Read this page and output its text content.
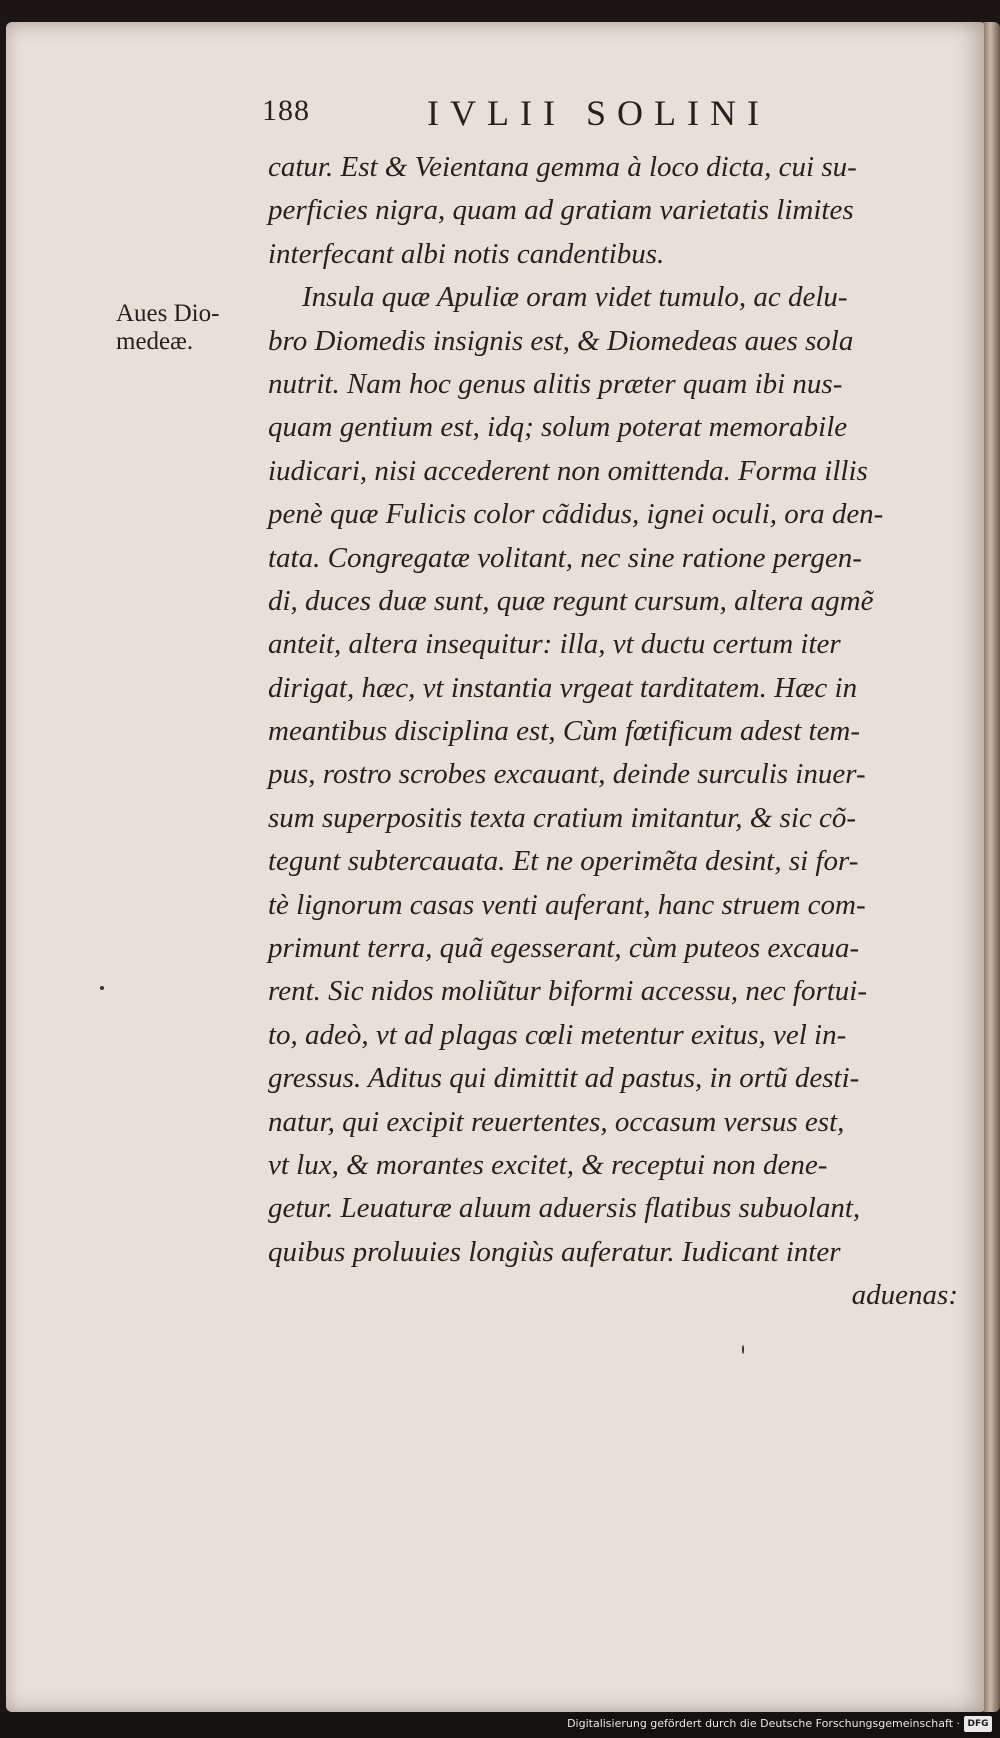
188	IVLII SOLINI
Aues Dio-
medeæ.
catur. Est & Veientana gemma à loco dicta, cui su-
perficies nigra, quam ad gratiam varietatis limites
interfecant albi notis candentibus.
Insula quæ Apuliæ oram videt tumulo, ac delu-
bro Diomedis insignis est, & Diomedeas aues sola
nutrit. Nam hoc genus alitis præter quam ibi nus-
quam gentium est, idq; solum poterat memorabile
iudicari, nisi accederent non omittenda. Forma illis
penè quæ Fulicis color cãdidus, ignei oculi, ora den-
tata. Congregatæ volitant, nec sine ratione pergen-
di, duces duæ sunt, quæ regunt cursum, altera agmẽ
anteit, altera insequitur: illa, vt ductu certum iter
dirigat, hæc, vt instantia vrgeat tarditatem. Hæc in
meantibus disciplina est, Cùm fœtificum adest tem-
pus, rostro scrobes excauant, deinde surculis inuer-
sum superpositis texta cratium imitantur, & sic cõ-
tegunt subtercauata. Et ne operimẽta desint, si for-
tè lignorum casas venti auferant, hanc struem com-
primunt terra, quã egesserant, cùm puteos excaua-
rent. Sic nidos moliũtur biformi accessu, nec fortui-
to, adeò, vt ad plagas cœli metentur exitus, vel in-
gressus. Aditus qui dimittit ad pastus, in ortũ desti-
natur, qui excipit reuertentes, occasum versus est,
vt lux, & morantes excitet, & receptui non dene-
getur. Leuaturæ aluum aduersis flatibus subuolant,
quibus proluuies longiùs auferatur. Iudicant inter
aduenas:
Digitalisierung gefördert durch die Deutsche Forschungsgemeinschaft · DFG
